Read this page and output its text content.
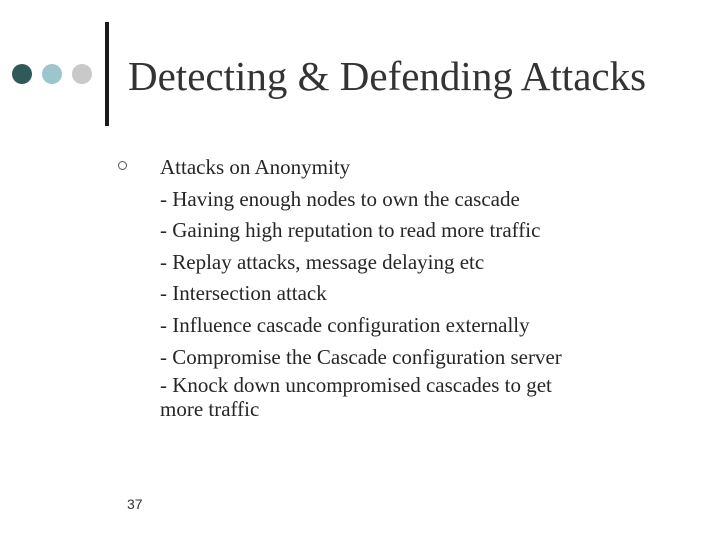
Detecting & Defending Attacks
Attacks on Anonymity
- Having enough nodes to own the cascade
- Gaining high reputation to read more traffic
- Replay attacks, message delaying etc
- Intersection attack
- Influence cascade configuration externally
- Compromise the Cascade configuration server
- Knock down uncompromised cascades to get
more traffic
37
